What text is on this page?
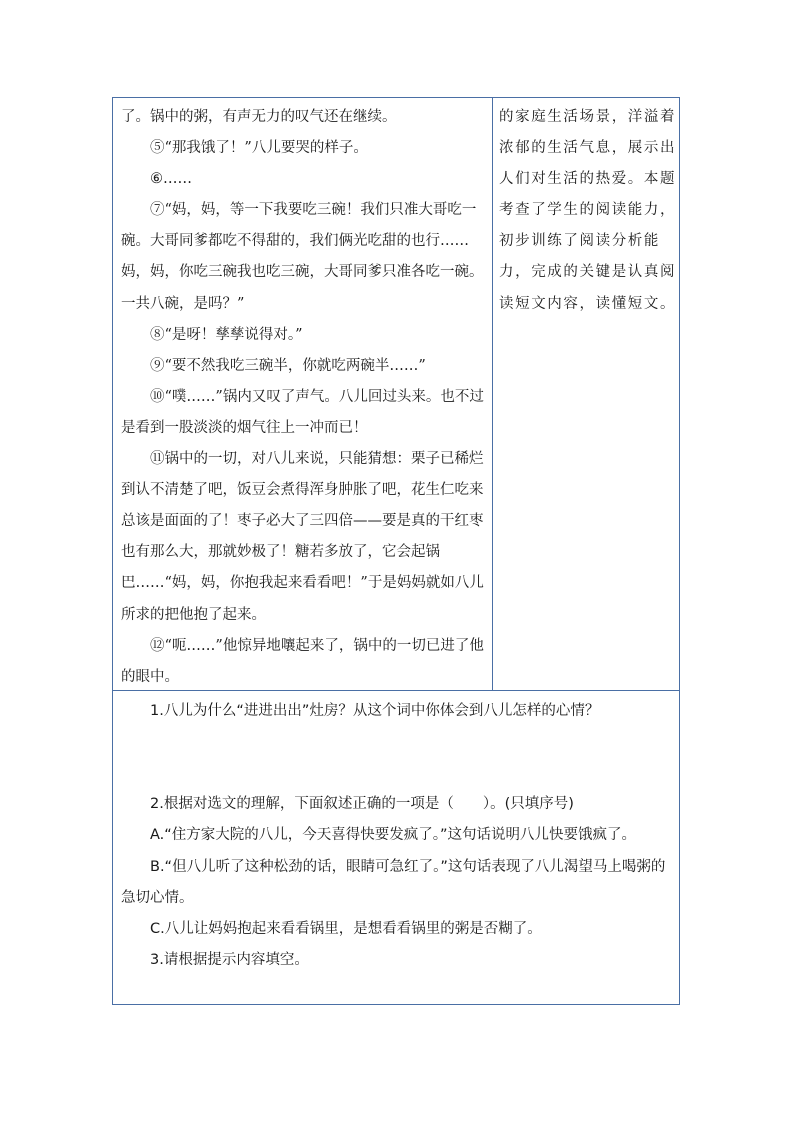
了。锅中的粥，有声无力的叹气还在继续。

⑤“那我饿了！”八儿要哭的样子。

⑥……

⑦“妈，妈，等一下我要吃三碗！我们只准大哥吃一碗。大哥同爹都吃不得甜的，我们俩光吃甜的也行……妈，妈，你吃三碗我也吃三碗，大哥同爹只准各吃一碗。一共八碗，是吗？”

⑧“是呀！孳孳说得对。”

⑨“要不然我吃三碗半，你就吃两碗半……”

⑩“噗……”锅内又叹了声气。八儿回过头来。也不过是看到一股淡淡的烟气往上一冲而已！

⑪锅中的一切，对八儿来说，只能猜想：栗子已稀烂到认不清楚了吧，饭豆会煮得浑身肿胀了吧，花生仁吃来总该是面面的了！枣子必大了三四倍——要是真的干红枣也有那么大，那就妙极了！糖若多放了，它会起锅巴……“妈，妈，你抱我起来看看吧！”于是妈妈就如八儿所求的把他抱了起来。

⑫“呃……”他惊异地嚷起来了，锅中的一切已进了他的眼中。

的家庭生活场景，洋溢着浓郁的生活气息，展示出人们对生活的热爱。本题考查了学生的阅读能力，初步训练了阅读分析能力，完成的关键是认真阅读短文内容，读懂短文。

1.八儿为什么“进进出出”灶房？从这个词中你体会到八儿怎样的心情？

2.根据对选文的理解，下面叙述正确的一项是（　　）。(只填序号)

A.“住方家大院的八儿，今天喜得快要发疯了。”这句话说明八儿快要饿疯了。

B.“但八儿听了这种松劲的话，眼睛可急红了。”这句话表现了八儿渴望马上喝粥的急切心情。

C.八儿让妈妈抱起来看看锅里，是想看看锅里的粥是否糊了。

3.请根据提示内容填空。
